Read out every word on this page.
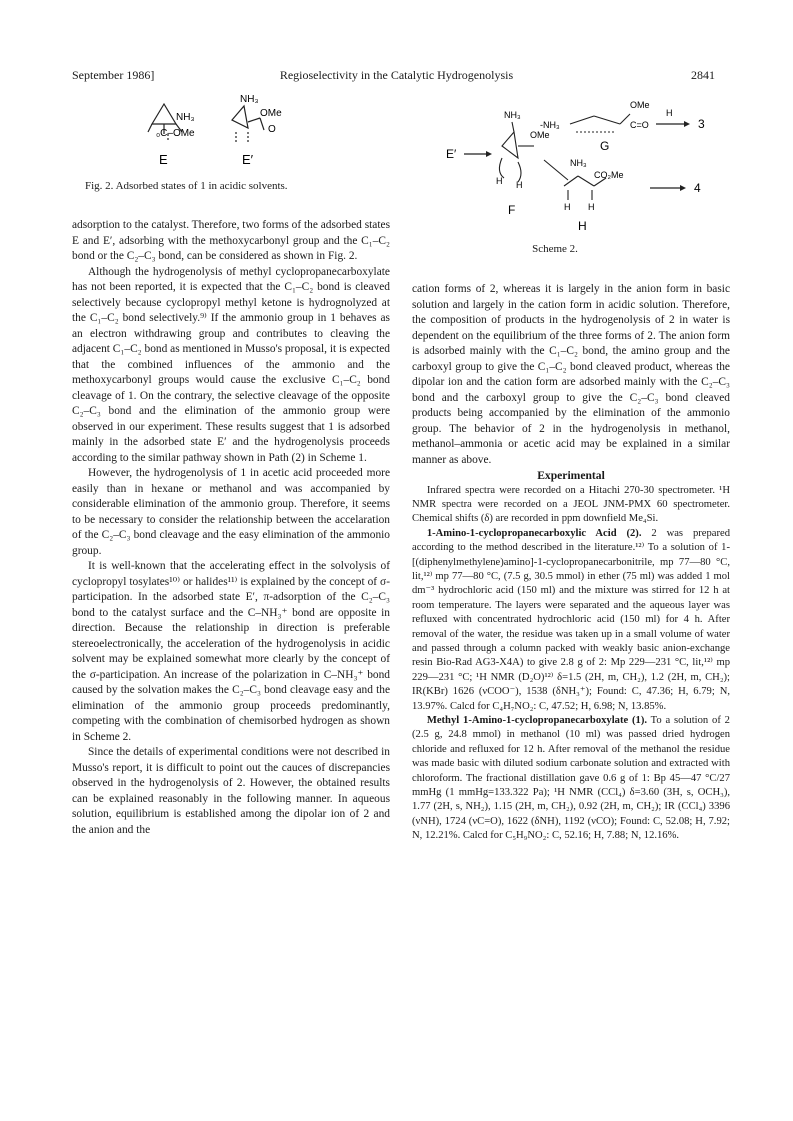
September 1986]	Regioselectivity in the Catalytic Hydrogenolysis	2841
NH₃
₀C–OMe
E
NH₃
OMe
O
E′
Fig. 2. Adsorbed states of 1 in acidic solvents.
E′
NH₃
OMe
H H
F
-NH₃
OMe
C=O
G
H
3
NH₃
CO₂Me
H H
H
4
Scheme 2.

adsorption to the catalyst. Therefore, two forms of the adsorbed states E and E′, adsorbing with the methoxycarbonyl group and the C₁–C₂ bond or the C₂–C₃ bond, can be considered as shown in Fig. 2.

Although the hydrogenolysis of methyl cyclopropanecarboxylate has not been reported, it is expected that the C₁–C₂ bond is cleaved selectively because cyclopropyl methyl ketone is hydrognolyzed at the C₁–C₂ bond selectively.⁹⁾ If the ammonio group in 1 behaves as an electron withdrawing group and contributes to cleaving the adjacent C₁–C₂ bond as mentioned in Musso's proposal, it is expected that the combined influences of the ammonio and the methoxycarbonyl groups would cause the exclusive C₁–C₂ bond cleavage of 1. On the contrary, the selective cleavage of the opposite C₂–C₃ bond and the elimination of the ammonio group were observed in our experiment. These results suggest that 1 is adsorbed mainly in the adsorbed state E′ and the hydrogenolysis proceeds according to the similar pathway shown in Path (2) in Scheme 1.

However, the hydrogenolysis of 1 in acetic acid proceeded more easily than in hexane or methanol and was accompanied by considerable elimination of the ammonio group. Therefore, it seems to be necessary to consider the relationship between the accelaration of the C₂–C₃ bond cleavage and the easy elimination of the ammonio group.

It is well-known that the accelerating effect in the solvolysis of cyclopropyl tosylates¹⁰⁾ or halides¹¹⁾ is explained by the concept of σ-participation. In the adsorbed state E′, π-adsorption of the C₂–C₃ bond to the catalyst surface and the C–NH₃⁺ bond are opposite in direction. Because the relationship in direction is preferable stereoelectronically, the acceleration of the hydrogenolysis in acidic solvent may be explained somewhat more clearly by the concept of the σ-participation. An increase of the polarization in C–NH₃⁺ bond caused by the solvation makes the C₂–C₃ bond cleavage easy and the elimination of the ammonio group proceeds predominantly, competing with the combination of chemisorbed hydrogen as shown in Scheme 2.

Since the details of experimental conditions were not described in Musso's report, it is difficult to point out the cauces of discrepancies observed in the hydrogenolysis of 2. However, the obtained results can be explained reasonably in the following manner. In aqueous solution, equilibrium is established among the dipolar ion of 2 and the anion and the

cation forms of 2, whereas it is largely in the anion form in basic solution and largely in the cation form in acidic solution. Therefore, the composition of products in the hydrogenolysis of 2 in water is dependent on the equilibrium of the three forms of 2. The anion form is adsorbed mainly with the C₁–C₂ bond, the amino group and the carboxyl group to give the C₁–C₂ bond cleaved product, whereas the dipolar ion and the cation form are adsorbed mainly with the C₂–C₃ bond and the carboxyl group to give the C₂–C₃ bond cleaved products being accompanied by the elimination of the ammonio group. The behavior of 2 in the hydrogenolysis in methanol, methanol–ammonia or acetic acid may be explained in a similar manner as above.

Experimental

Infrared spectra were recorded on a Hitachi 270-30 spectrometer. ¹H NMR spectra were recorded on a JEOL JNM-PMX 60 spectrometer. Chemical shifts (δ) are recorded in ppm downfield Me₄Si.

1-Amino-1-cyclopropanecarboxylic Acid (2). 2 was prepared according to the method described in the literature.¹²⁾ To a solution of 1-[(diphenylmethylene)amino]-1-cyclopropanecarbonitrile, mp 77—80 °C, lit,¹²⁾ mp 77—80 °C, (7.5 g, 30.5 mmol) in ether (75 ml) was added 1 mol dm⁻³ hydrochloric acid (150 ml) and the mixture was stirred for 12 h at room temperature. The layers were separated and the aqueous layer was refluxed with concentrated hydrochloric acid (150 ml) for 4 h. After removal of the water, the residue was taken up in a small volume of water and passed through a column packed with weakly basic anion-exchange resin Bio-Rad AG3-X4A) to give 2.8 g of 2: Mp 229—231 °C, lit,¹²⁾ mp 229—231 °C; ¹H NMR (D₂O)¹²⁾ δ=1.5 (2H, m, CH₂), 1.2 (2H, m, CH₂); IR(KBr) 1626 (νCOO⁻), 1538 (δNH₃⁺); Found: C, 47.36; H, 6.79; N, 13.97%. Calcd for C₄H₇NO₂: C, 47.52; H, 6.98; N, 13.85%.

Methyl 1-Amino-1-cyclopropanecarboxylate (1). To a solution of 2 (2.5 g, 24.8 mmol) in methanol (10 ml) was passed dried hydrogen chloride and refluxed for 12 h. After removal of the methanol the residue was made basic with diluted sodium carbonate solution and extracted with chloroform. The fractional distillation gave 0.6 g of 1: Bp 45—47 °C/27 mmHg (1 mmHg=133.322 Pa); ¹H NMR (CCl₄) δ=3.60 (3H, s, OCH₃), 1.77 (2H, s, NH₂), 1.15 (2H, m, CH₂), 0.92 (2H, m, CH₂); IR (CCl₄) 3396 (νNH), 1724 (νC=O), 1622 (δNH), 1192 (νCO); Found: C, 52.08; H, 7.92; N, 12.21%. Calcd for C₅H₉NO₂: C, 52.16; H, 7.88; N, 12.16%.
